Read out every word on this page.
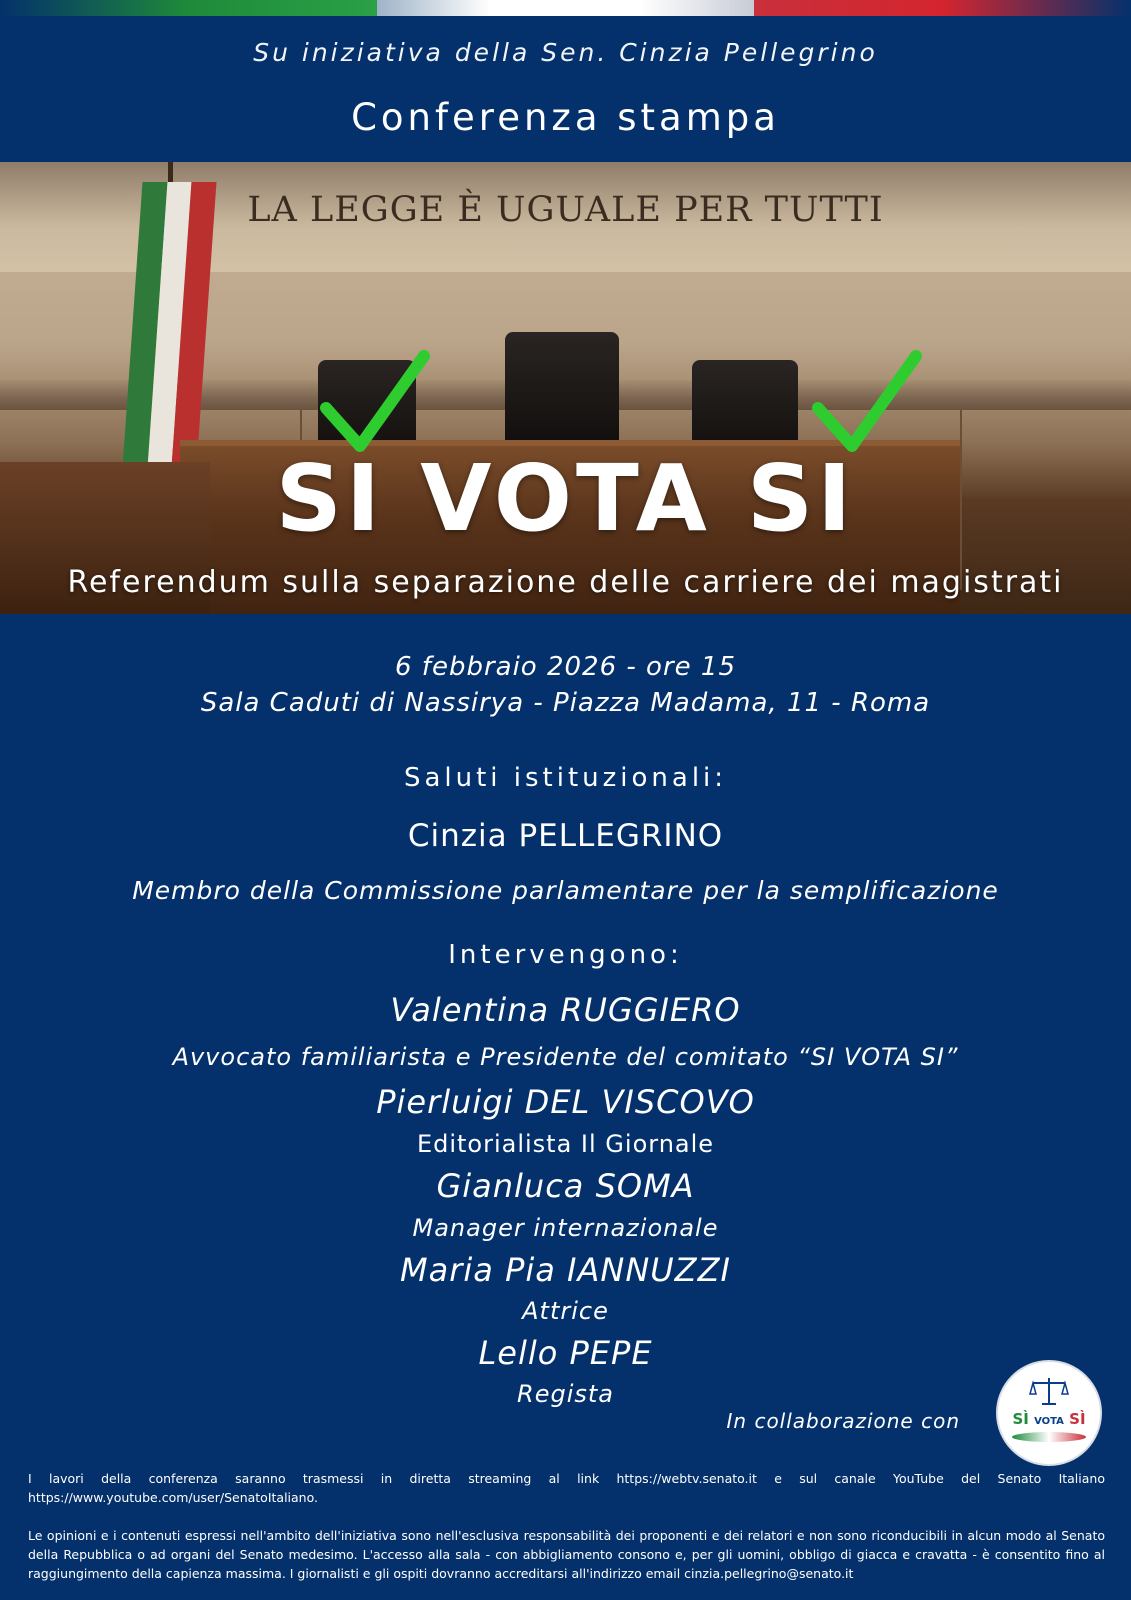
Su iniziativa della Sen. Cinzia Pellegrino
Conferenza stampa
LA LEGGE È UGUALE PER TUTTI
SI VOTA SI
Referendum sulla separazione delle carriere dei magistrati
6 febbraio 2026 - ore 15
Sala Caduti di Nassirya - Piazza Madama, 11 - Roma
Saluti istituzionali:
Cinzia PELLEGRINO
Membro della Commissione parlamentare per la semplificazione
Intervengono:
Valentina RUGGIERO
Avvocato familiarista e Presidente del comitato “SI VOTA SI”
Pierluigi DEL VISCOVO
Editorialista Il Giornale
Gianluca SOMA
Manager internazionale
Maria Pia IANNUZZI
Attrice
Lello PEPE
Regista
In collaborazione con	SÌ VOTA SÌ
I lavori della conferenza saranno trasmessi in diretta streaming al link https://webtv.senato.it e sul canale YouTube del Senato Italiano https://www.youtube.com/user/SenatoItaliano.
Le opinioni e i contenuti espressi nell'ambito dell'iniziativa sono nell'esclusiva responsabilità dei proponenti e dei relatori e non sono riconducibili in alcun modo al Senato della Repubblica o ad organi del Senato medesimo. L'accesso alla sala - con abbigliamento consono e, per gli uomini, obbligo di giacca e cravatta - è consentito fino al raggiungimento della capienza massima. I giornalisti e gli ospiti dovranno accreditarsi all'indirizzo email cinzia.pellegrino@senato.it
